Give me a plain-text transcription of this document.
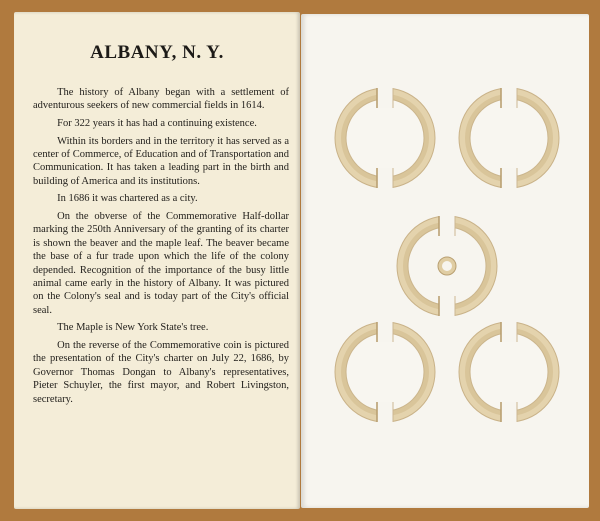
ALBANY, N. Y.

The history of Albany began with a settlement of adventurous seekers of new commercial fields in 1614.

For 322 years it has had a continuing existence.

Within its borders and in the territory it has served as a center of Commerce, of Education and of Transportation and Communication. It has taken a leading part in the birth and building of America and its institutions.

In 1686 it was chartered as a city.

On the obverse of the Commemorative Half-dollar marking the 250th Anniversary of the granting of its charter is shown the beaver and the maple leaf. The beaver became the base of a fur trade upon which the life of the colony depended. Recognition of the importance of the busy little animal came early in the history of Albany. It was pictured on the Colony's seal and is today part of the City's official seal.

The Maple is New York State's tree.

On the reverse of the Commemorative coin is pictured the presentation of the City's charter on July 22, 1686, by Governor Thomas Dongan to Albany's representatives, Pieter Schuyler, the first mayor, and Robert Livingston, secretary.
